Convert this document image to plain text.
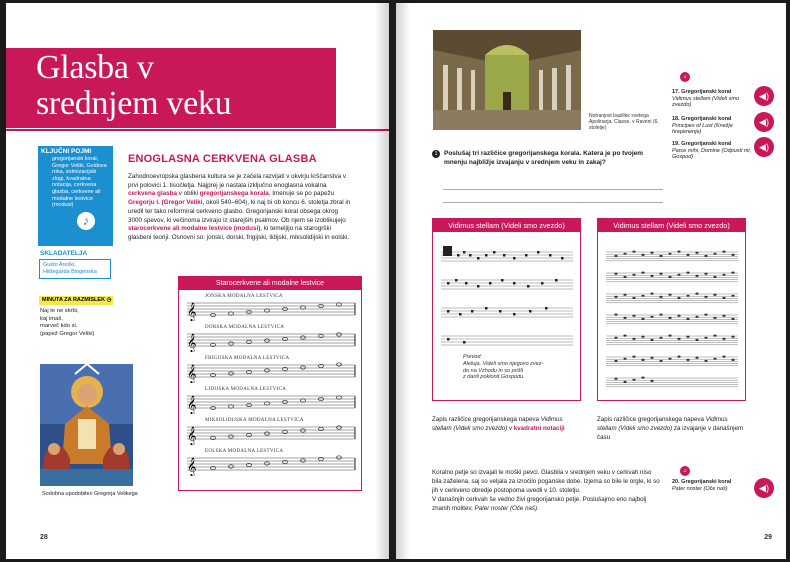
Glasba v
srednjem veku
KLJUČNI POJMI
gregorijanski koral, Gregor Veliki, Gvidova roka, solmizacijski zlogi, kvadratna notacija, cerkvena glasba, cerkvene ali modalne lestvice (modusi)
♪
SKLADATELJA
Guido Areški,
Hildegarda Bingenska
MINUTA ZA RAZMISLEK ◷
Naj te ne skrbi,
kaj imaš,
marveč kdo si.
(papež Gregor Veliki)
Sodobna upodobitev Gregorja Velikega
ENOGLASNA CERKVENA GLASBA
Zahodnoevropska glasbena kultura se je začela razvijati v okvirju krščanstva v prvi polovici 1. tisočletja. Najprej je nastala izključno enoglasna vokalna cerkvena glasba v obliki gregorijanskega korala. Imenuje se po papežu Gregorju I. (Gregor Veliki, okoli 540–604), ki naj bi ob koncu 6. stoletja zbral in uredil ter tako reformiral cerkveno glasbo. Gregorijanski koral obsega okrog 3000 spevov, ki večinoma izvirajo iz starejših psalmov. Ob njem se izoblikujejo starocerkvene ali modalne lestvice (modusi), ki temeljijo na starogrški glasbeni teoriji. Osnovni so: jonski, dorski, frigijski, lidijski, miksolidijski in eolski.
Starocerkvene ali modalne lestvice
JONSKA MODALNA LESTVICA
𝄞
DORSKA MODALNA LESTVICA
𝄞
FRIGIJSKA MODALNA LESTVICA
𝄞
LIDIJSKA MODALNA LESTVICA
𝄞
MIKSOLIDIJSKA MODALNA LESTVICA
𝄞
EOLSKA MODALNA LESTVICA
𝄞
28
Notranjost bazilike svetega Apolinarja, Classe, v Raveni (6. stoletje)
1 Poslušaj tri različice gregorijanskega korala. Katera je po tvojem mnenju najbližje izvajanju v srednjem veku in zakaj?
Vidimus stellam (Videli smo zvezdo)
Prevod:
Aleluja, Videli smo njegovo zvez-
do na Vzhodu in so prišli
z darili poklonit Gospodu.
Zapis različice gregorijanskega napeva Vidimus stellam (Videli smo zvezdo) v kvadratni notaciji
Vidimus stellam (Videli smo zvezdo)
Zapis različice gregorijanskega napeva Vidimus stellam (Videli smo zvezdo) za izvajanje v današnjem času
Koralno petje so izvajali le moški pevci. Glasbila v srednjem veku v cerkvah niso bila zaželena, saj so veljala za izročilo poganske dobe. Izjema so bile le orgle, ki so jih v cerkveno obredje postopoma uvedli v 10. stoletju.
V današnjih cerkvah še vedno živi gregorijansko petje. Poslušajmo eno najbolj znanih molitev, Pater noster (Oče naš).
♫
17. Gregorijanski koral
Vidimus stellam (Videli smo zvezdo)
◀)
18. Gregorijanski koral
Principes of Lust (Knežje hrepenenje)
◀)
19. Gregorijanski koral
Parce mihi, Domine (Odpusti mi, Gospod)
◀)
♫
20. Gregorijanski koral
Pater noster (Oče naš)	◀)
29
